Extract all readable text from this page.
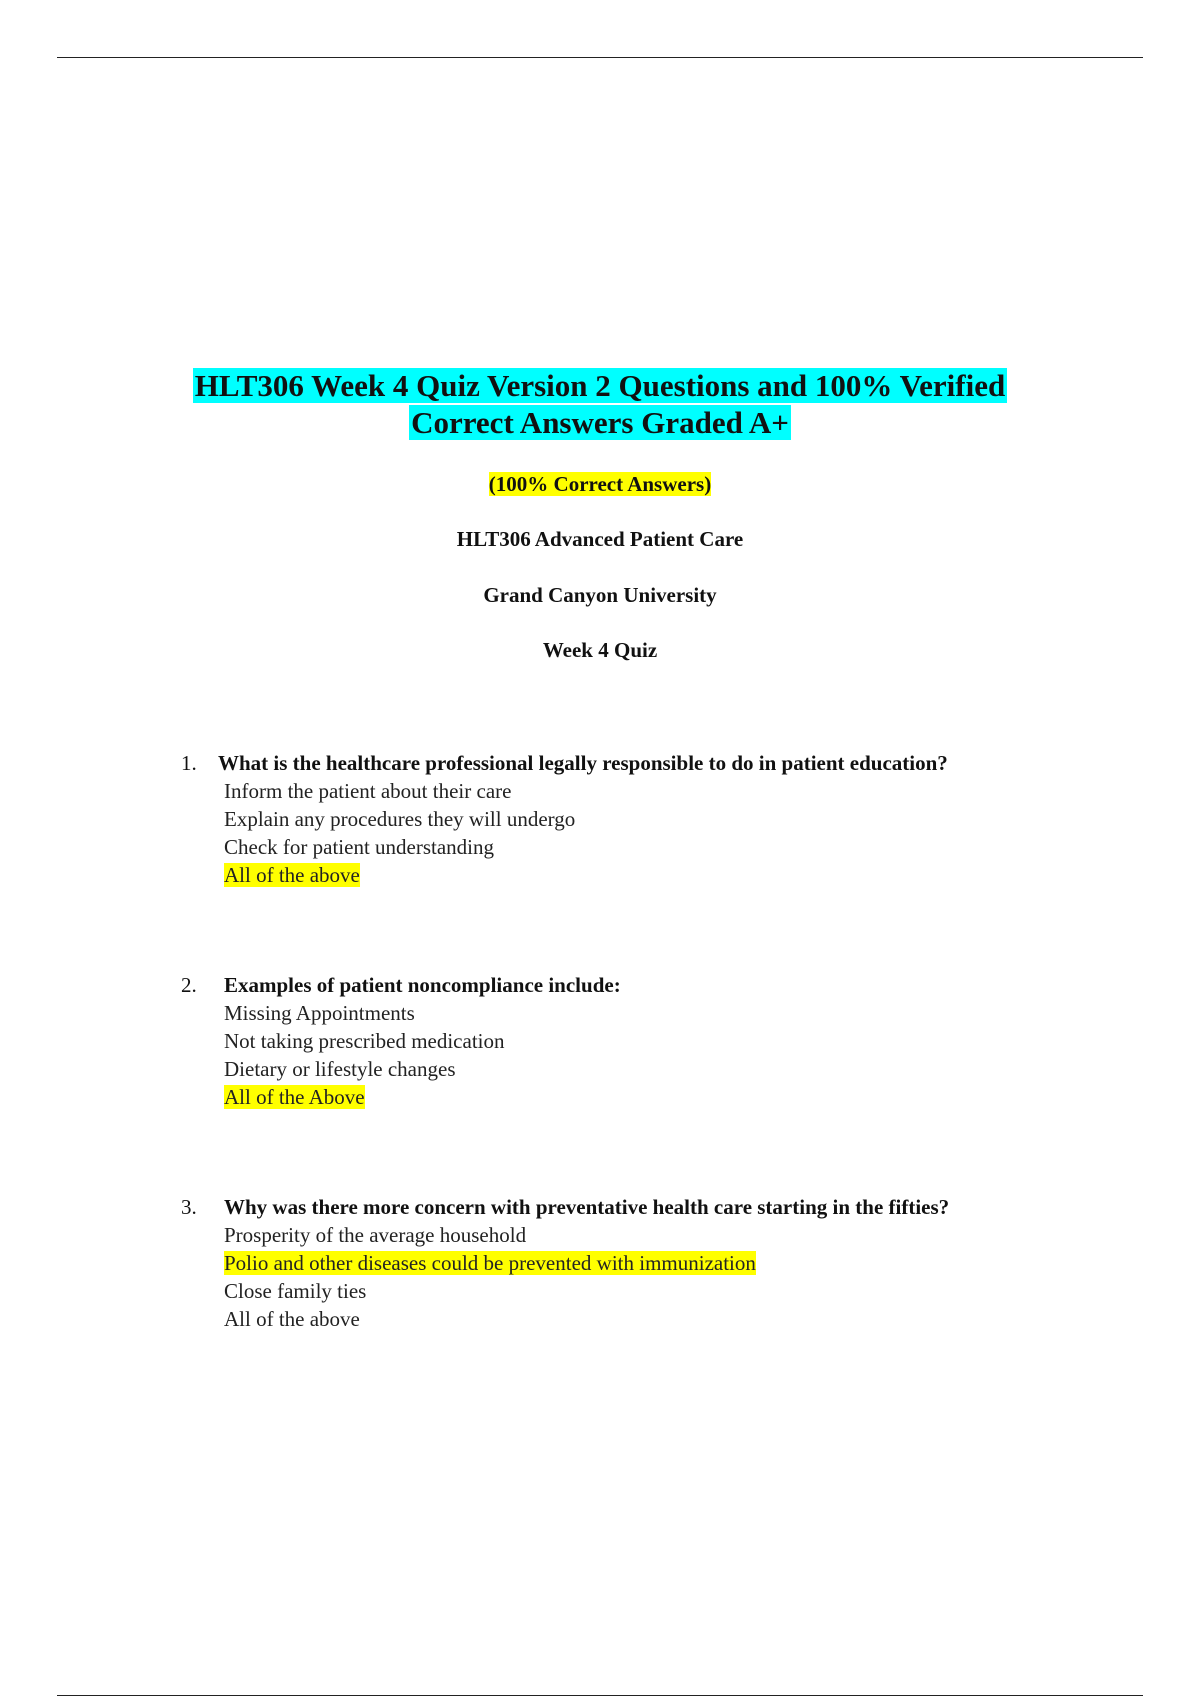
HLT306 Week 4 Quiz Version 2 Questions and 100% Verified
Correct Answers Graded A+
(100% Correct Answers)
HLT306 Advanced Patient Care
Grand Canyon University
Week 4 Quiz
1.	What is the healthcare professional legally responsible to do in patient education?
Inform the patient about their care
Explain any procedures they will undergo
Check for patient understanding
All of the above
2.	Examples of patient noncompliance include:
Missing Appointments
Not taking prescribed medication
Dietary or lifestyle changes
All of the Above
3.	Why was there more concern with preventative health care starting in the fifties?
Prosperity of the average household
Polio and other diseases could be prevented with immunization
Close family ties
All of the above
